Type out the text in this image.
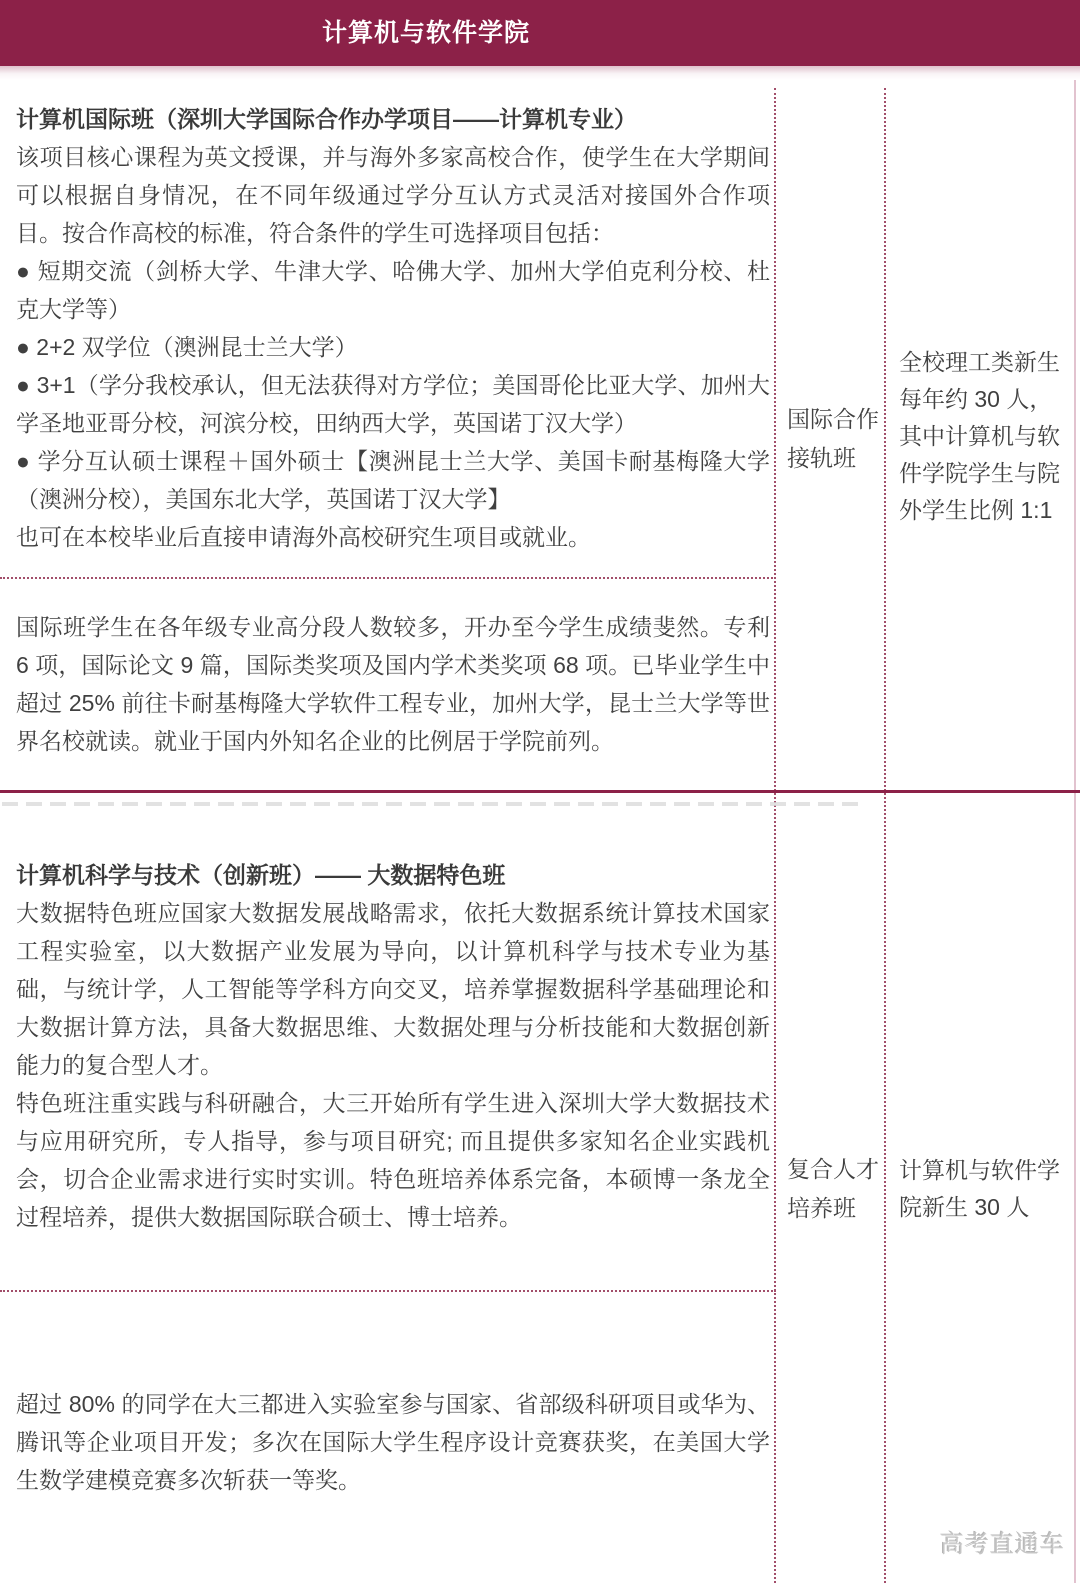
计算机与软件学院

计算机国际班（深圳大学国际合作办学项目——计算机专业）

该项目核心课程为英文授课，并与海外多家高校合作，使学生在大学期间可以根据自身情况，在不同年级通过学分互认方式灵活对接国外合作项目。按合作高校的标准，符合条件的学生可选择项目包括：

● 短期交流（剑桥大学、牛津大学、哈佛大学、加州大学伯克利分校、杜克大学等）

● 2+2 双学位（澳洲昆士兰大学）

● 3+1（学分我校承认，但无法获得对方学位；美国哥伦比亚大学、加州大学圣地亚哥分校，河滨分校，田纳西大学，英国诺丁汉大学）

● 学分互认硕士课程＋国外硕士【澳洲昆士兰大学、美国卡耐基梅隆大学（澳洲分校），美国东北大学，英国诺丁汉大学】

也可在本校毕业后直接申请海外高校研究生项目或就业。

国际班学生在各年级专业高分段人数较多，开办至今学生成绩斐然。专利 6 项，国际论文 9 篇，国际类奖项及国内学术类奖项 68 项。已毕业学生中超过 25% 前往卡耐基梅隆大学软件工程专业，加州大学，昆士兰大学等世界名校就读。就业于国内外知名企业的比例居于学院前列。

国际合作接轨班
全校理工类新生每年约 30 人，其中计算机与软件学院学生与院外学生比例 1:1

计算机科学与技术（创新班）—— 大数据特色班

大数据特色班应国家大数据发展战略需求，依托大数据系统计算技术国家工程实验室，以大数据产业发展为导向，以计算机科学与技术专业为基础，与统计学，人工智能等学科方向交叉，培养掌握数据科学基础理论和大数据计算方法，具备大数据思维、大数据处理与分析技能和大数据创新能力的复合型人才。

特色班注重实践与科研融合，大三开始所有学生进入深圳大学大数据技术与应用研究所，专人指导，参与项目研究; 而且提供多家知名企业实践机会，切合企业需求进行实时实训。特色班培养体系完备，本硕博一条龙全过程培养，提供大数据国际联合硕士、博士培养。

超过 80% 的同学在大三都进入实验室参与国家、省部级科研项目或华为、腾讯等企业项目开发；多次在国际大学生程序设计竞赛获奖，在美国大学生数学建模竞赛多次斩获一等奖。

复合人才培养班
计算机与软件学院新生 30 人
高考直通车
